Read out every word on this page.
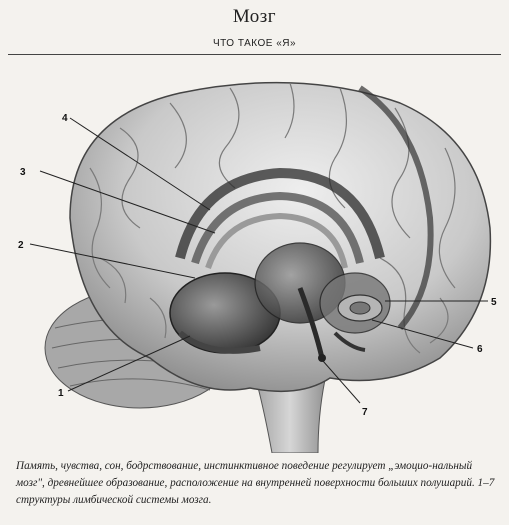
Мозг
ЧТО ТАКОЕ «Я»
4
3
2
1
5
6
7

Память, чувства, сон, бодрствование, инстинктивное поведение регулирует „эмоцио-нальный мозг", древнейшее образование, расположение на внутренней поверхности больших полушарий. 1–7 структуры лимбической системы мозга.
